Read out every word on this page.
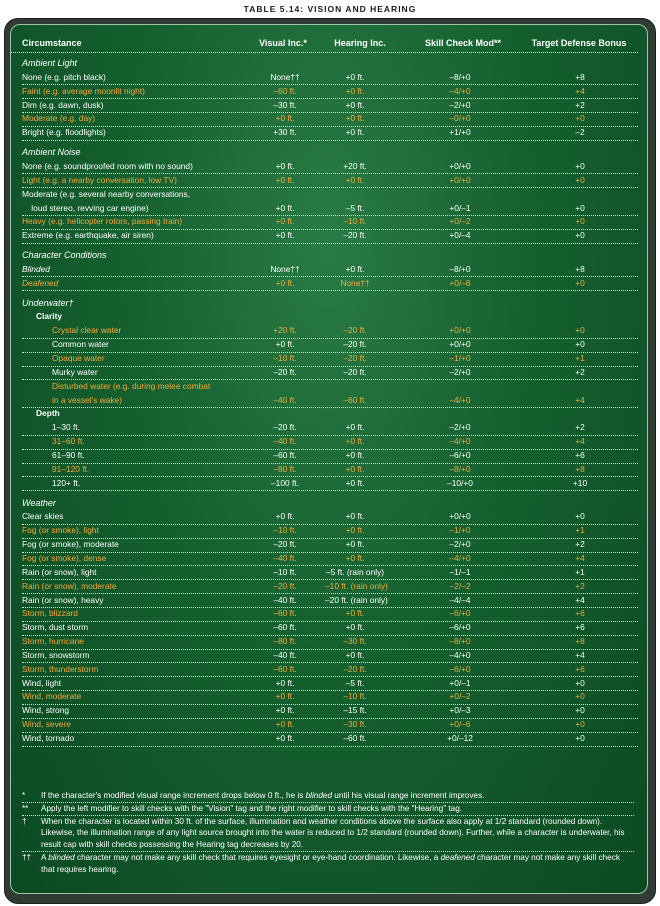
TABLE 5.14: VISION AND HEARING
Circumstance	Visual Inc.*	Hearing Inc.	Skill Check Mod**	Target Defense Bonus
Ambient Light
None (e.g. pitch black)	None††	+0 ft.	–8/+0	+8
Faint (e.g. average moonlit night)	–60 ft.	+0 ft.	–4/+0	+4
Dim (e.g. dawn, dusk)	–30 ft.	+0 ft.	–2/+0	+2
Moderate (e.g. day)	+0 ft.	+0 ft.	–0/+0	+0
Bright (e.g. floodlights)	+30 ft.	+0 ft.	+1/+0	–2
Ambient Noise
None (e.g. soundproofed room with no sound)	+0 ft.	+20 ft.	+0/+0	+0
Light (e.g. a nearby conversation, low TV)	+0 ft.	+0 ft.	+0/+0	+0
Moderate (e.g. several nearby conversations,
loud stereo, revving car engine)	+0 ft.	–5 ft.	+0/–1	+0
Heavy (e.g. helicopter rotors, passing train)	+0 ft.	–10 ft.	+0/–2	+0
Extreme (e.g. earthquake, air siren)	+0 ft.	–20 ft.	+0/–4	+0
Character Conditions
Blinded	None††	+0 ft.	–8/+0	+8
Deafened	+0 ft.	None††	+0/–8	+0
Underwater†
Clarity
Crystal clear water	+20 ft.	–20 ft.	+0/+0	+0
Common water	+0 ft.	–20 ft.	+0/+0	+0
Opaque water	–10 ft.	–20 ft.	–1/+0	+1
Murky water	–20 ft.	–20 ft.	–2/+0	+2
Disturbed water (e.g. during melee combat
in a vessel's wake)	–40 ft.	–60 ft.	–4/+0	+4
Depth
1–30 ft.	–20 ft.	+0 ft.	–2/+0	+2
31–60 ft.	–40 ft.	+0 ft.	–4/+0	+4
61–90 ft.	–60 ft.	+0 ft.	–6/+0	+6
91–120 ft.	–80 ft.	+0 ft.	–8/+0	+8
120+ ft.	–100 ft.	+0 ft.	–10/+0	+10
Weather
Clear skies	+0 ft.	+0 ft.	+0/+0	+0
Fog (or smoke), light	–10 ft.	+0 ft.	–1/+0	+1
Fog (or smoke), moderate	–20 ft.	+0 ft.	–2/+0	+2
Fog (or smoke), dense	–40 ft.	+0 ft.	–4/+0	+4
Rain (or snow), light	–10 ft.	–5 ft. (rain only)	–1/–1	+1
Rain (or snow), moderate	–20 ft.	–10 ft. (rain only)	–2/–2	+2
Rain (or snow), heavy	–40 ft.	–20 ft. (rain only)	–4/–4	+4
Storm, blizzard	–60 ft.	+0 ft.	–6/+0	+6
Storm, dust storm	–60 ft.	+0 ft.	–6/+0	+6
Storm, hurricane	–80 ft.	–30 ft.	–8/+0	+8
Storm, snowstorm	–40 ft.	+0 ft.	–4/+0	+4
Storm, thunderstorm	–60 ft.	–20 ft.	–6/+0	+6
Wind, light	+0 ft.	–5 ft.	+0/–1	+0
Wind, moderate	+0 ft.	–10 ft.	+0/–2	+0
Wind, strong	+0 ft.	–15 ft.	+0/–3	+0
Wind, severe	+0 ft.	–30 ft.	+0/–6	+0
Wind, tornado	+0 ft.	–60 ft.	+0/–12	+0
* If the character's modified visual range increment drops below 0 ft., he is blinded until his visual range increment improves.
** Apply the left modifier to skill checks with the "Vision" tag and the right modifier to skill checks with the "Hearing" tag.
† When the character is located within 30 ft. of the surface, illumination and weather conditions above the surface also apply at 1/2 standard (rounded down). Likewise, the illumination range of any light source brought into the water is reduced to 1/2 standard (rounded down). Further, while a character is underwater, his result cap with skill checks possessing the Hearing tag decreases by 20.
†† A blinded character may not make any skill check that requires eyesight or eye-hand coordination. Likewise, a deafened character may not make any skill check that requires hearing.
